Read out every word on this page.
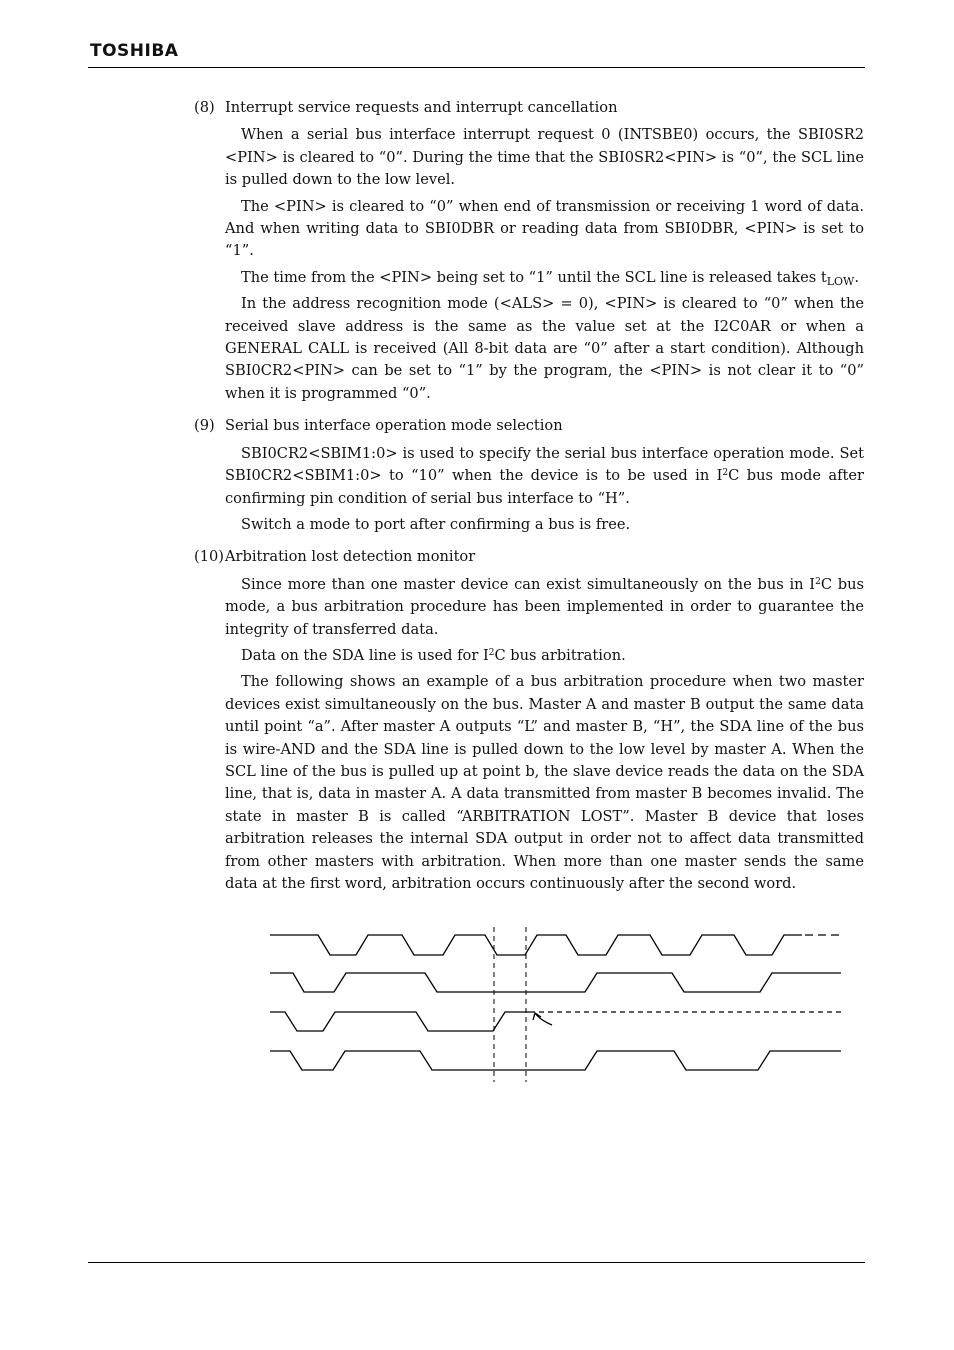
TOSHIBA
(8) Interrupt service requests and interrupt cancellation

When a serial bus interface interrupt request 0 (INTSBE0) occurs, the SBI0SR2 <PIN> is cleared to “0”. During the time that the SBI0SR2<PIN> is “0”, the SCL line is pulled down to the low level.

The <PIN> is cleared to “0” when end of transmission or receiving 1 word of data. And when writing data to SBI0DBR or reading data from SBI0DBR, <PIN> is set to “1”.

The time from the <PIN> being set to “1” until the SCL line is released takes $t_{LOW}$.

In the address recognition mode (<ALS> = 0), <PIN> is cleared to “0” when the received slave address is the same as the value set at the I2C0AR or when a GENERAL CALL is received (All 8-bit data are “0” after a start condition). Although SBI0CR2<PIN> can be set to “1” by the program, the <PIN> is not clear it to “0” when it is programmed “0”.

(9) Serial bus interface operation mode selection

SBI0CR2<SBIM1:0> is used to specify the serial bus interface operation mode. Set SBI0CR2<SBIM1:0> to “10” when the device is to be used in $I^2C$ bus mode after confirming pin condition of serial bus interface to “H”.

Switch a mode to port after confirming a bus is free.

(10) Arbitration lost detection monitor

Since more than one master device can exist simultaneously on the bus in $I^2C$ bus mode, a bus arbitration procedure has been implemented in order to guarantee the integrity of transferred data.

Data on the SDA line is used for $I^2C$ bus arbitration.

The following shows an example of a bus arbitration procedure when two master devices exist simultaneously on the bus. Master A and master B output the same data until point “a”. After master A outputs “L” and master B, “H”, the SDA line of the bus is wire-AND and the SDA line is pulled down to the low level by master A. When the SCL line of the bus is pulled up at point b, the slave device reads the data on the SDA line, that is, data in master A. A data transmitted from master B becomes invalid. The state in master B is called “ARBITRATION LOST”. Master B device that loses arbitration releases the internal SDA output in order not to affect data transmitted from other masters with arbitration. When more than one master sends the same data at the first word, arbitration occurs continuously after the second word.
